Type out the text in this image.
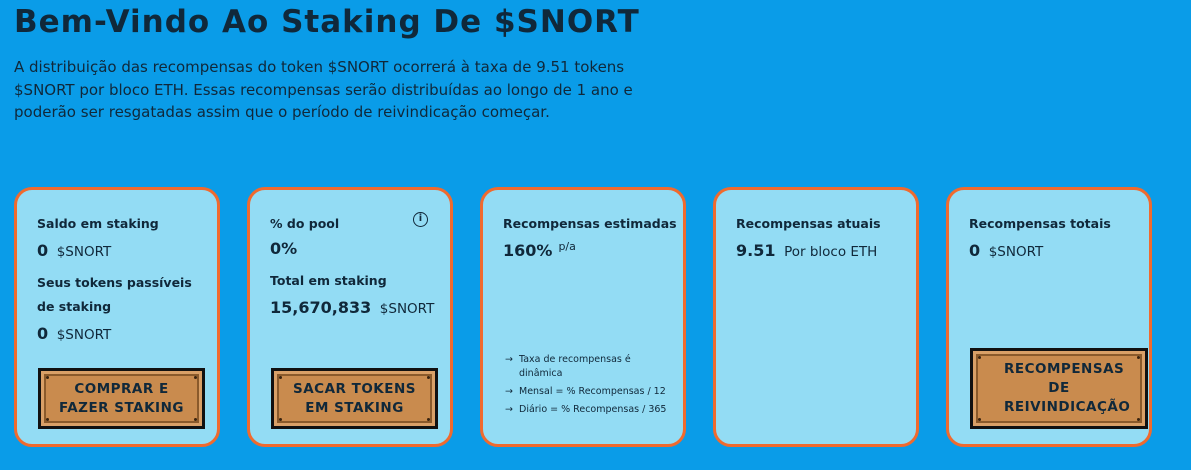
Bem-Vindo Ao Staking De $SNORT

A distribuição das recompensas do token $SNORT ocorrerá à taxa de 9.51 tokens $SNORT por bloco ETH. Essas recompensas serão distribuídas ao longo de 1 ano e poderão ser resgatadas assim que o período de reivindicação começar.

Saldo em staking
0 $SNORT
Seus tokens passíveis de staking
0 $SNORT
COMPRAR E FAZER STAKING
% do pool	i
0%
Total em staking
15,670,833 $SNORT
SACAR TOKENS EM STAKING
Recompensas estimadas
160% $^{p/a}$
→ Taxa de recompensas é dinâmica
→ Mensal = % Recompensas / 12
→ Diário = % Recompensas / 365
Recompensas atuais
9.51 Por bloco ETH
Recompensas totais
0 $SNORT
RECOMPENSAS DE REIVINDICAÇÃO
